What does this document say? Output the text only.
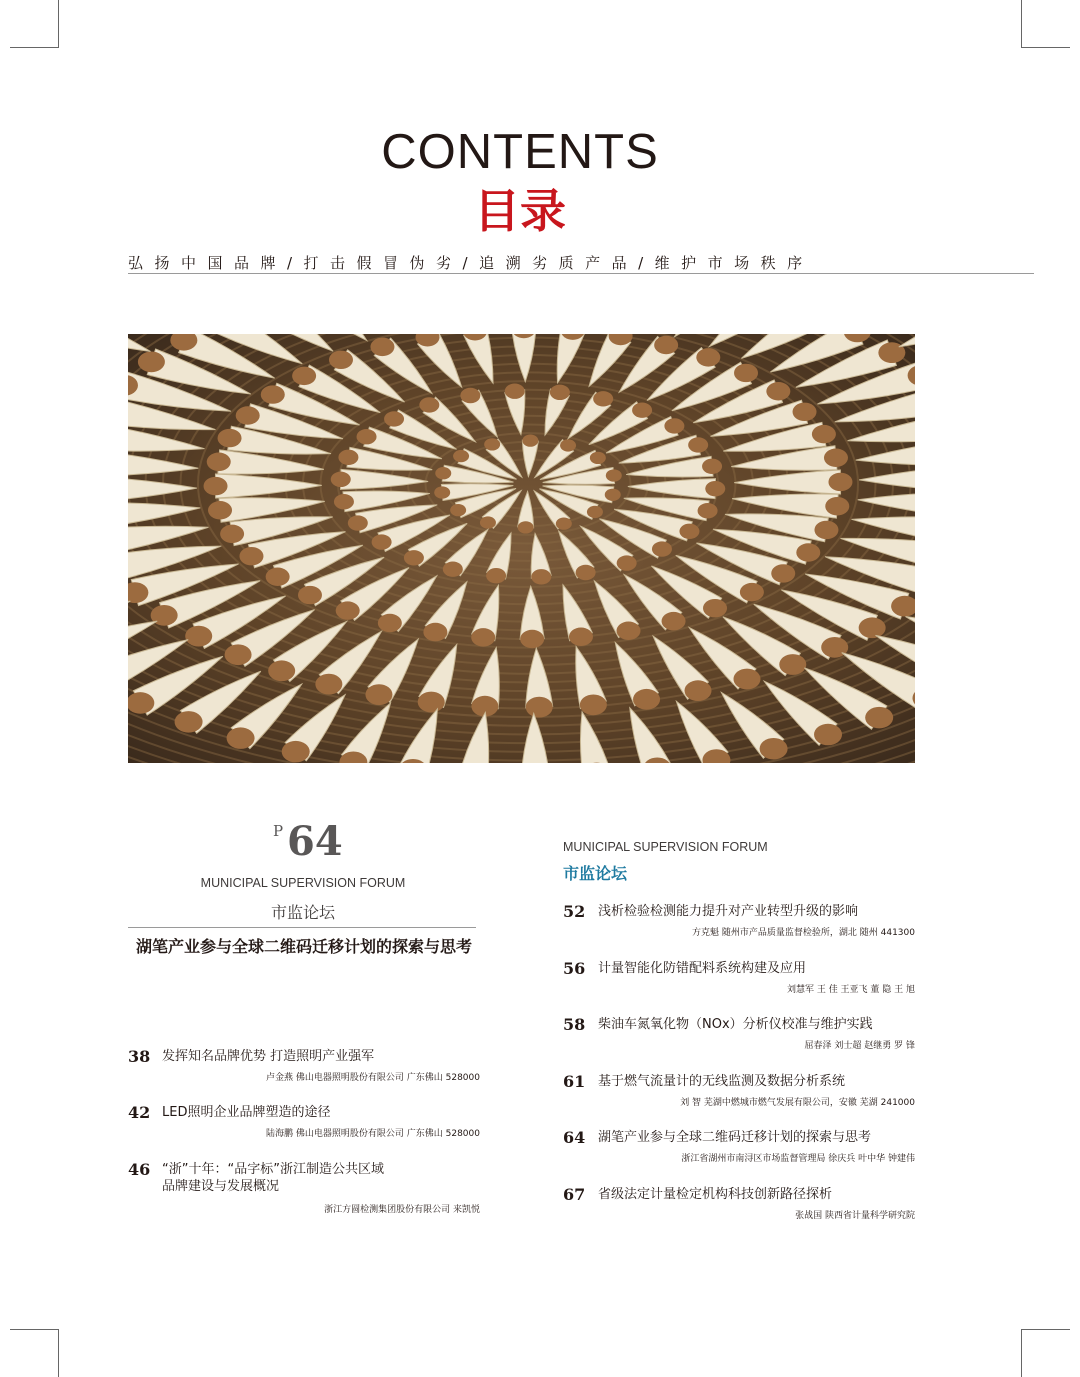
CONTENTS
目录
弘扬中国品牌/打击假冒伪劣/追溯劣质产品/维护市场秩序
P 64
MUNICIPAL SUPERVISION FORUM
市监论坛
湖笔产业参与全球二维码迁移计划的探索与思考
38 发挥知名品牌优势 打造照明产业强军
卢金燕 佛山电器照明股份有限公司 广东佛山 528000
42 LED照明企业品牌塑造的途径
陆海鹏 佛山电器照明股份有限公司 广东佛山 528000
46 “浙”十年：“品字标”浙江制造公共区域
品牌建设与发展概况
浙江方圆检测集团股份有限公司 来凯悦
MUNICIPAL SUPERVISION FORUM
市监论坛
52 浅析检验检测能力提升对产业转型升级的影响
方克魁 随州市产品质量监督检验所，湖北 随州 441300
56 计量智能化防错配料系统构建及应用
刘慧军 王 佳 王亚飞 董 隐 王 旭
58 柴油车氮氧化物（NOx）分析仪校准与维护实践
屈春泽 刘士超 赵继勇 罗 锋
61 基于燃气流量计的无线监测及数据分析系统
刘 智 芜湖中燃城市燃气发展有限公司，安徽 芜湖 241000
64 湖笔产业参与全球二维码迁移计划的探索与思考
浙江省湖州市南浔区市场监督管理局 徐庆兵 叶中华 钟建伟
67 省级法定计量检定机构科技创新路径探析
张战国 陕西省计量科学研究院
